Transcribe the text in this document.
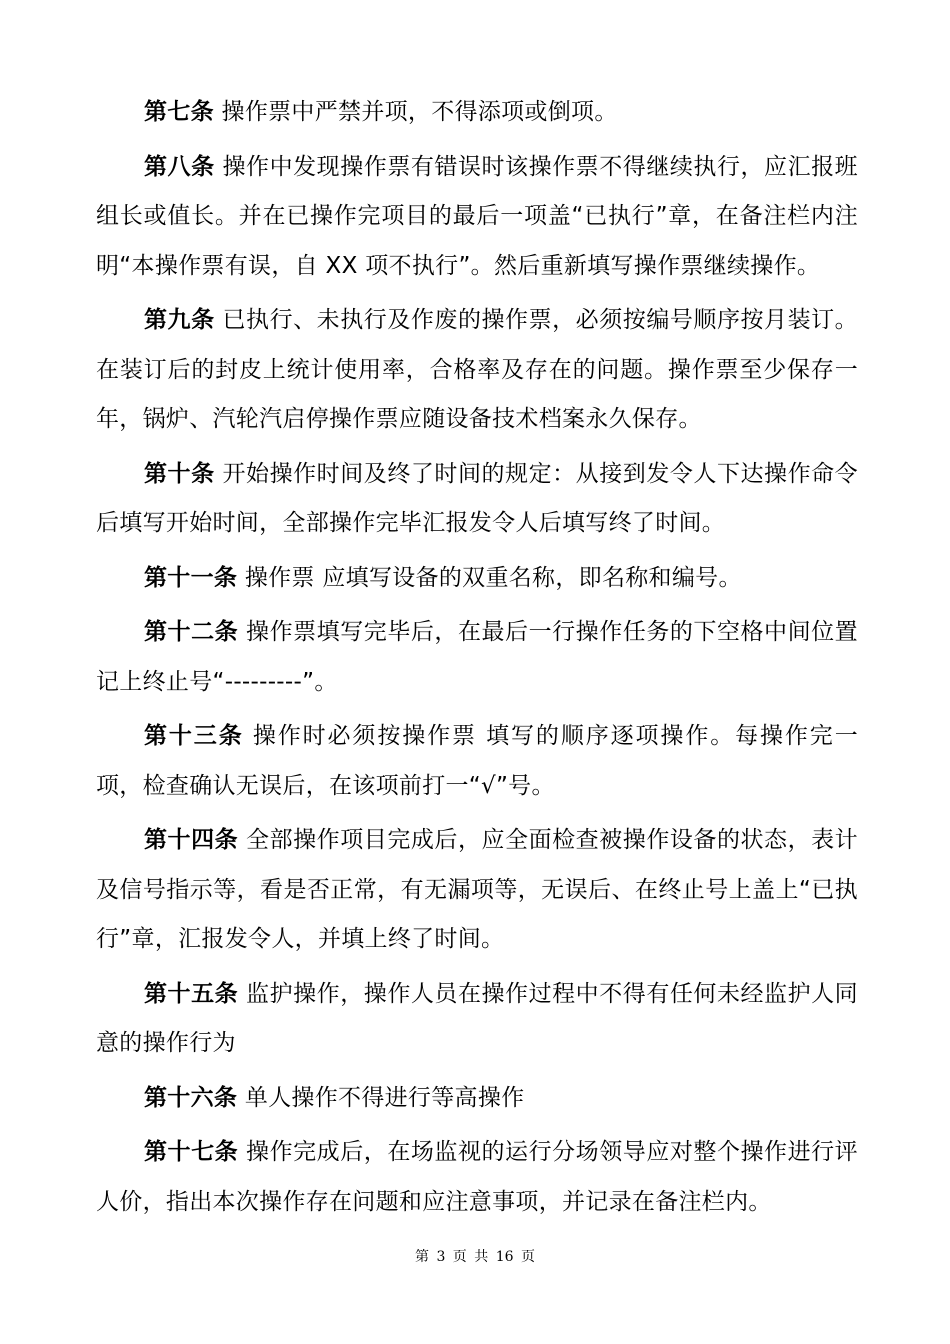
第七条 操作票中严禁并项，不得添项或倒项。

第八条 操作中发现操作票有错误时该操作票不得继续执行，应汇报班组长或值长。并在已操作完项目的最后一项盖“已执行”章，在备注栏内注明“本操作票有误，自 XX 项不执行”。然后重新填写操作票继续操作。

第九条 已执行、未执行及作废的操作票，必须按编号顺序按月装订。在装订后的封皮上统计使用率，合格率及存在的问题。操作票至少保存一年，锅炉、汽轮汽启停操作票应随设备技术档案永久保存。

第十条 开始操作时间及终了时间的规定：从接到发令人下达操作命令后填写开始时间，全部操作完毕汇报发令人后填写终了时间。

第十一条 操作票 应填写设备的双重名称，即名称和编号。

第十二条 操作票填写完毕后，在最后一行操作任务的下空格中间位置记上终止号“---------”。

第十三条 操作时必须按操作票 填写的顺序逐项操作。每操作完一项，检查确认无误后，在该项前打一“√”号。

第十四条 全部操作项目完成后，应全面检查被操作设备的状态，表计及信号指示等，看是否正常，有无漏项等，无误后、在终止号上盖上“已执行”章，汇报发令人，并填上终了时间。

第十五条 监护操作，操作人员在操作过程中不得有任何未经监护人同意的操作行为

第十六条 单人操作不得进行等高操作

第十七条 操作完成后，在场监视的运行分场领导应对整个操作进行评人价，指出本次操作存在问题和应注意事项，并记录在备注栏内。

第 3 页 共 16 页
